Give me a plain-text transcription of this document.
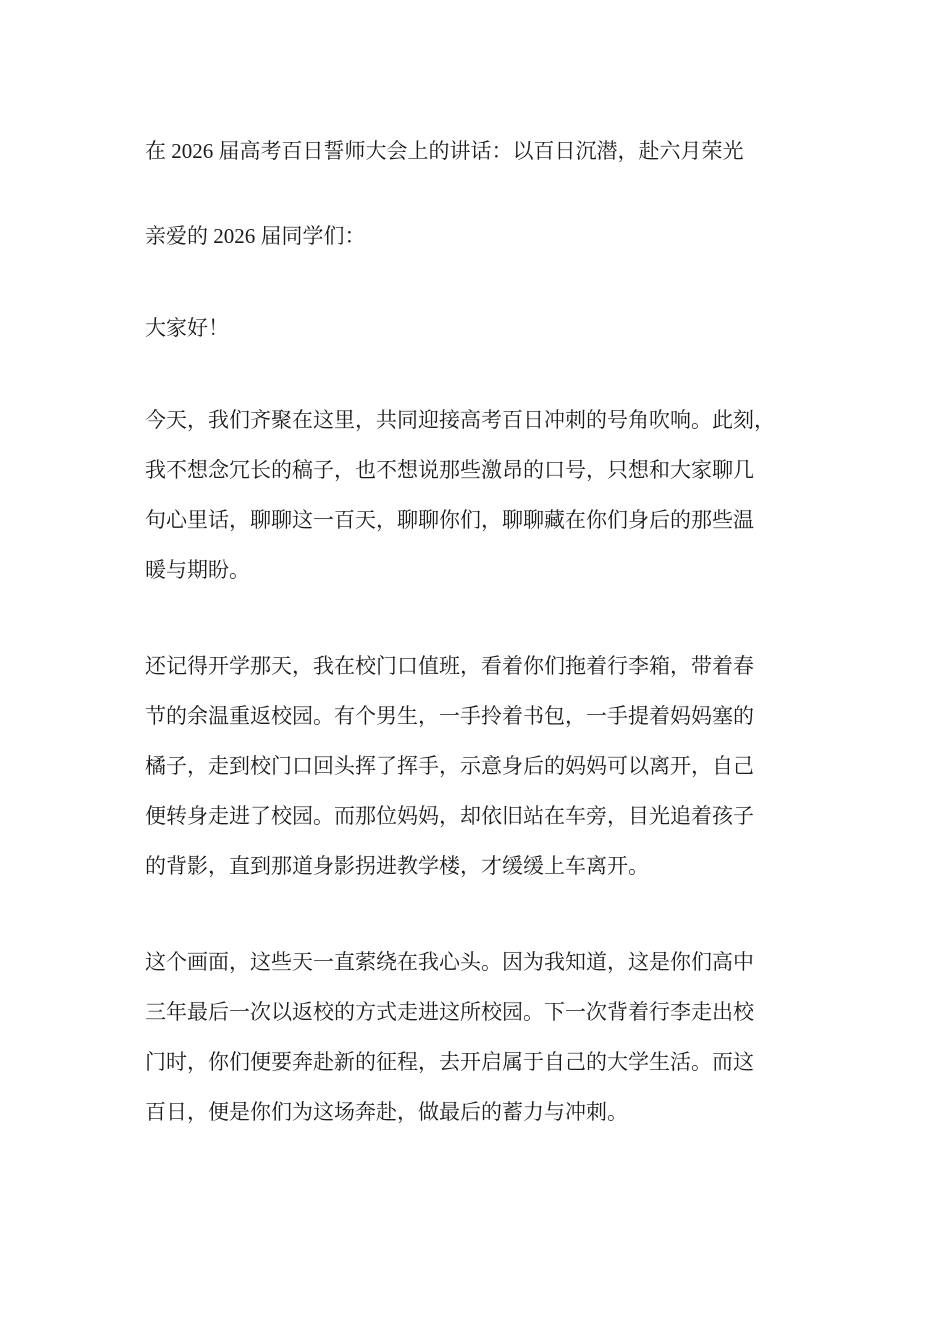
在 2026 届高考百日誓师大会上的讲话：以百日沉潜，赴六月荣光

亲爱的 2026 届同学们：

大家好！

今天，我们齐聚在这里，共同迎接高考百日冲刺的号角吹响。此刻，
我不想念冗长的稿子，也不想说那些激昂的口号，只想和大家聊几
句心里话，聊聊这一百天，聊聊你们，聊聊藏在你们身后的那些温
暖与期盼。

还记得开学那天，我在校门口值班，看着你们拖着行李箱，带着春
节的余温重返校园。有个男生，一手拎着书包，一手提着妈妈塞的
橘子，走到校门口回头挥了挥手，示意身后的妈妈可以离开，自己
便转身走进了校园。而那位妈妈，却依旧站在车旁，目光追着孩子
的背影，直到那道身影拐进教学楼，才缓缓上车离开。

这个画面，这些天一直萦绕在我心头。因为我知道，这是你们高中
三年最后一次以返校的方式走进这所校园。下一次背着行李走出校
门时，你们便要奔赴新的征程，去开启属于自己的大学生活。而这
百日，便是你们为这场奔赴，做最后的蓄力与冲刺。
